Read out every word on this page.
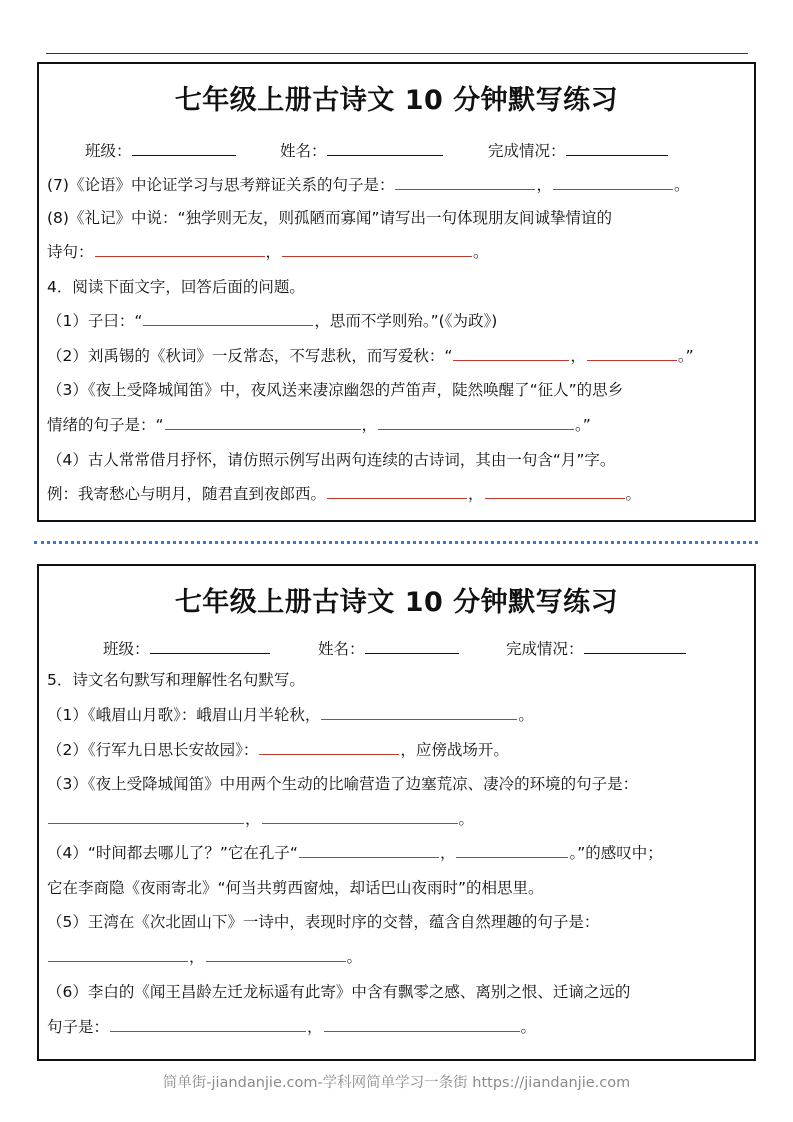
七年级上册古诗文 10 分钟默写练习
班级：	姓名：	完成情况：
(7)《论语》中论证学习与思考辩证关系的句子是：	，	。
(8)《礼记》中说：“独学则无友，则孤陋而寡闻”请写出一句体现朋友间诚挚情谊的
诗句：	，	。
4．阅读下面文字，回答后面的问题。
（1）子曰：“	，思而不学则殆。”(《为政》)
（2）刘禹锡的《秋词》一反常态，不写悲秋，而写爱秋：“	，	。”
（3）《夜上受降城闻笛》中，夜风送来凄凉幽怨的芦笛声，陡然唤醒了“征人”的思乡
情绪的句子是：“	，	。”
（4）古人常常借月抒怀，请仿照示例写出两句连续的古诗词，其由一句含“月”字。
例：我寄愁心与明月，随君直到夜郎西。	，	。
七年级上册古诗文 10 分钟默写练习
班级：	姓名：	完成情况：
5．诗文名句默写和理解性名句默写。
（1）《峨眉山月歌》：峨眉山月半轮秋，	。
（2）《行军九日思长安故园》：	，应傍战场开。
（3）《夜上受降城闻笛》中用两个生动的比喻营造了边塞荒凉、凄冷的环境的句子是：
，	。
（4）“时间都去哪儿了？”它在孔子“	，	。”的感叹中；
它在李商隐《夜雨寄北》“何当共剪西窗烛，却话巴山夜雨时”的相思里。
（5）王湾在《次北固山下》一诗中，表现时序的交替，蕴含自然理趣的句子是：
，	。
（6）李白的《闻王昌龄左迁龙标遥有此寄》中含有飘零之感、离别之恨、迁谪之远的
句子是：	，	。
简单街-jiandanjie.com-学科网简单学习一条街 https://jiandanjie.com
